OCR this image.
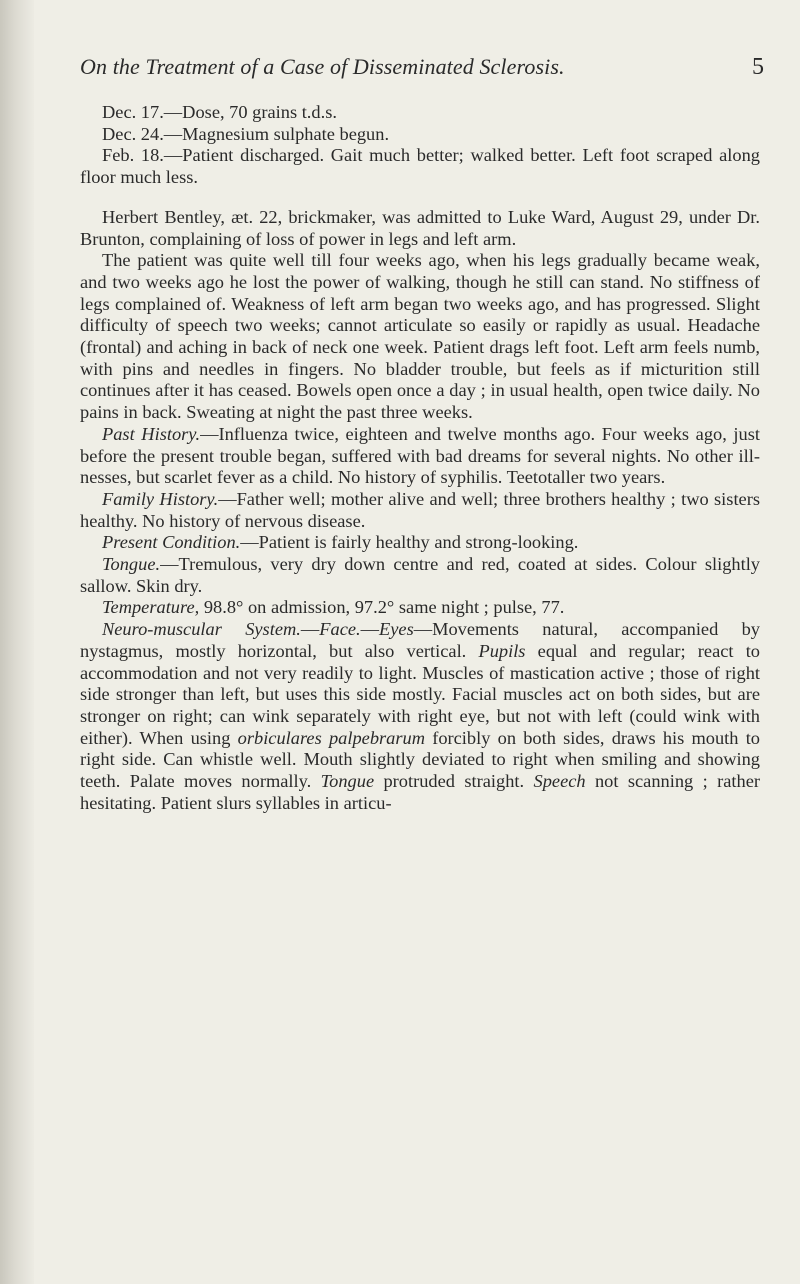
On the Treatment of a Case of Disseminated Sclerosis.	5

Dec. 17.—Dose, 70 grains t.d.s.

Dec. 24.—Magnesium sulphate begun.

Feb. 18.—Patient discharged. Gait much better; walked better. Left foot scraped along floor much less.

Herbert Bentley, æt. 22, brickmaker, was admitted to Luke Ward, August 29, under Dr. Brunton, complaining of loss of power in legs and left arm.

The patient was quite well till four weeks ago, when his legs gradually became weak, and two weeks ago he lost the power of walking, though he still can stand. No stiffness of legs complained of. Weakness of left arm began two weeks ago, and has progressed. Slight difficulty of speech two weeks; cannot articulate so easily or rapidly as usual. Headache (frontal) and aching in back of neck one week. Patient drags left foot. Left arm feels numb, with pins and needles in fingers. No bladder trouble, but feels as if micturition still continues after it has ceased. Bowels open once a day ; in usual health, open twice daily. No pains in back. Sweating at night the past three weeks.

Past History.—Influenza twice, eighteen and twelve months ago. Four weeks ago, just before the present trouble began, suffered with bad dreams for several nights. No other ill-nesses, but scarlet fever as a child. No history of syphilis. Teetotaller two years.

Family History.—Father well; mother alive and well; three brothers healthy ; two sisters healthy. No history of nervous disease.

Present Condition.—Patient is fairly healthy and strong-looking.

Tongue.—Tremulous, very dry down centre and red, coated at sides. Colour slightly sallow. Skin dry.

Temperature, 98.8° on admission, 97.2° same night ; pulse, 77.

Neuro-muscular System.—Face.—Eyes—Movements natural, accompanied by nystagmus, mostly horizontal, but also vertical. Pupils equal and regular; react to accommodation and not very readily to light. Muscles of mastication active ; those of right side stronger than left, but uses this side mostly. Facial muscles act on both sides, but are stronger on right; can wink separately with right eye, but not with left (could wink with either). When using orbiculares palpebrarum forcibly on both sides, draws his mouth to right side. Can whistle well. Mouth slightly deviated to right when smiling and showing teeth. Palate moves normally. Tongue protruded straight. Speech not scanning ; rather hesitating. Patient slurs syllables in articu-
